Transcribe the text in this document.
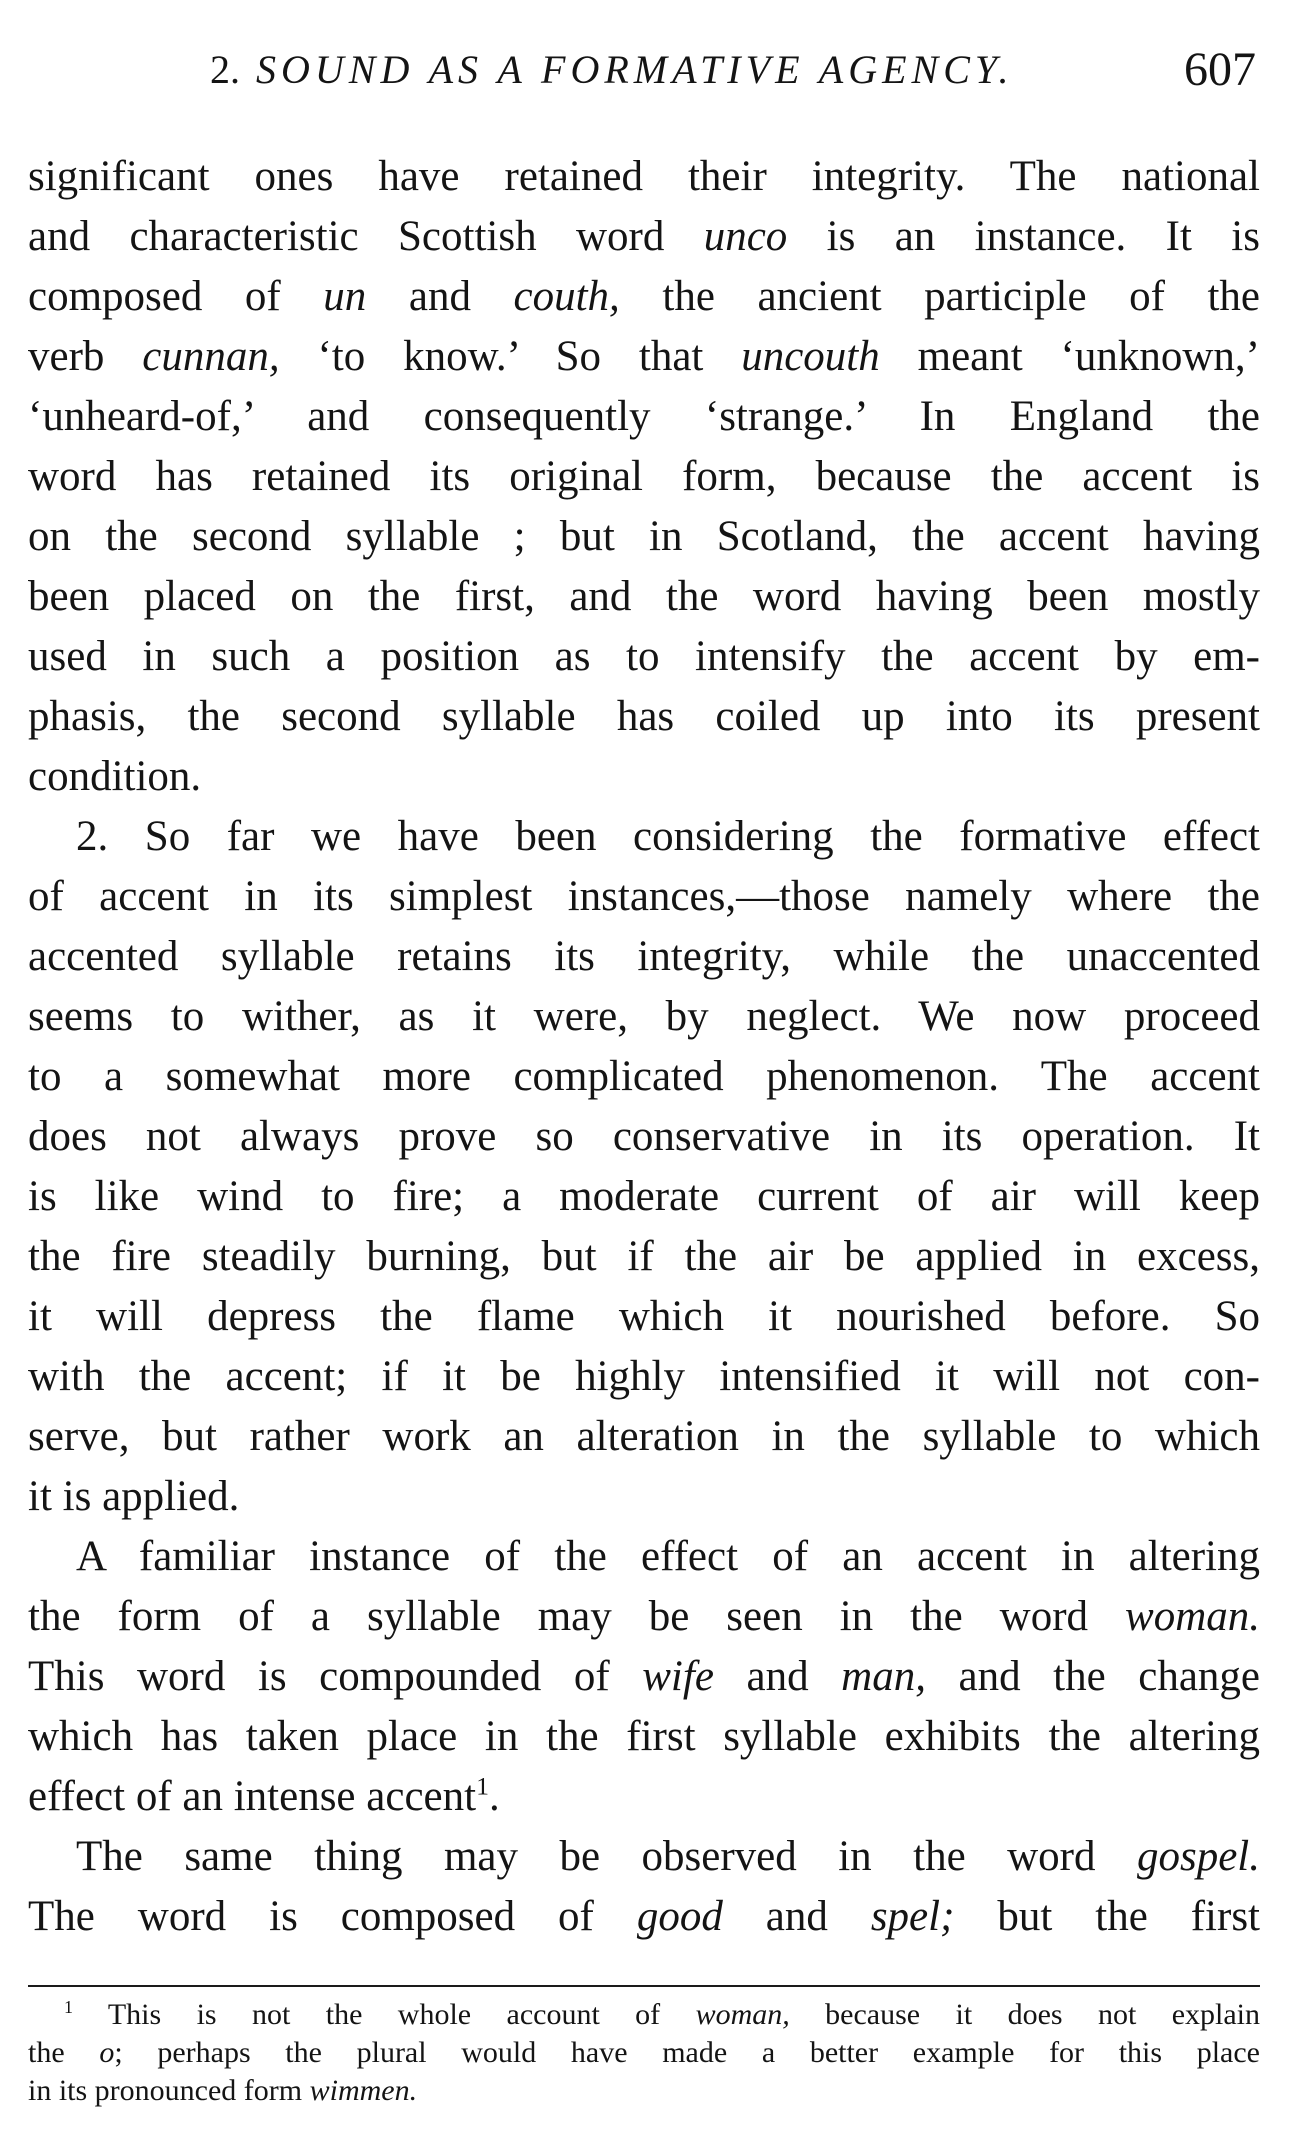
2. SOUND AS A FORMATIVE AGENCY.	607
significant ones have retained their integrity. The national
and characteristic Scottish word unco is an instance. It is
composed of un and couth, the ancient participle of the
verb cunnan, ‘to know.’ So that uncouth meant ‘unknown,’
‘unheard-of,’ and consequently ‘strange.’ In England the
word has retained its original form, because the accent is
on the second syllable ; but in Scotland, the accent having
been placed on the first, and the word having been mostly
used in such a position as to intensify the accent by em-
phasis, the second syllable has coiled up into its present
condition.
2. So far we have been considering the formative effect
of accent in its simplest instances,—those namely where the
accented syllable retains its integrity, while the unaccented
seems to wither, as it were, by neglect. We now proceed
to a somewhat more complicated phenomenon. The accent
does not always prove so conservative in its operation. It
is like wind to fire; a moderate current of air will keep
the fire steadily burning, but if the air be applied in excess,
it will depress the flame which it nourished before. So
with the accent; if it be highly intensified it will not con-
serve, but rather work an alteration in the syllable to which
it is applied.
A familiar instance of the effect of an accent in altering
the form of a syllable may be seen in the word woman.
This word is compounded of wife and man, and the change
which has taken place in the first syllable exhibits the altering
effect of an intense accent$^1$.
The same thing may be observed in the word gospel.
The word is composed of good and spel; but the first
$^1$ This is not the whole account of woman, because it does not explain
the o; perhaps the plural would have made a better example for this place
in its pronounced form wimmen.
